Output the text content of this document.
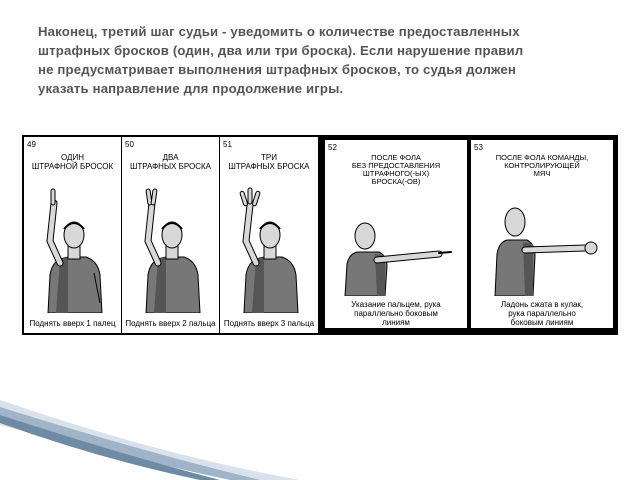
Наконец, третий шаг судьи - уведомить о количестве предоставленных
штрафных бросков (один, два или три броска). Если нарушение правил
не предусматривает выполнения штрафных бросков, то судья должен
указать направление для продолжение игры.
49
ОДИН
ШТРАФНОЙ БРОСОК
Поднять вверх 1 палец
50
ДВА
ШТРАФНЫХ БРОСКА
Поднять вверх 2 пальца
51
ТРИ
ШТРАФНЫХ БРОСКА
Поднять вверх 3 пальца
52
ПОСЛЕ ФОЛА
БЕЗ ПРЕДОСТАВЛЕНИЯ
ШТРАФНОГО(-ЫХ)
БРОСКА(-ОВ)
Указание пальцем, рука
параллельно боковым
линиям
53
ПОСЛЕ ФОЛА КОМАНДЫ,
КОНТРОЛИРУЮЩЕЙ
МЯЧ
Ладонь сжата в кулак,
рука параллельно
боковым линиям
